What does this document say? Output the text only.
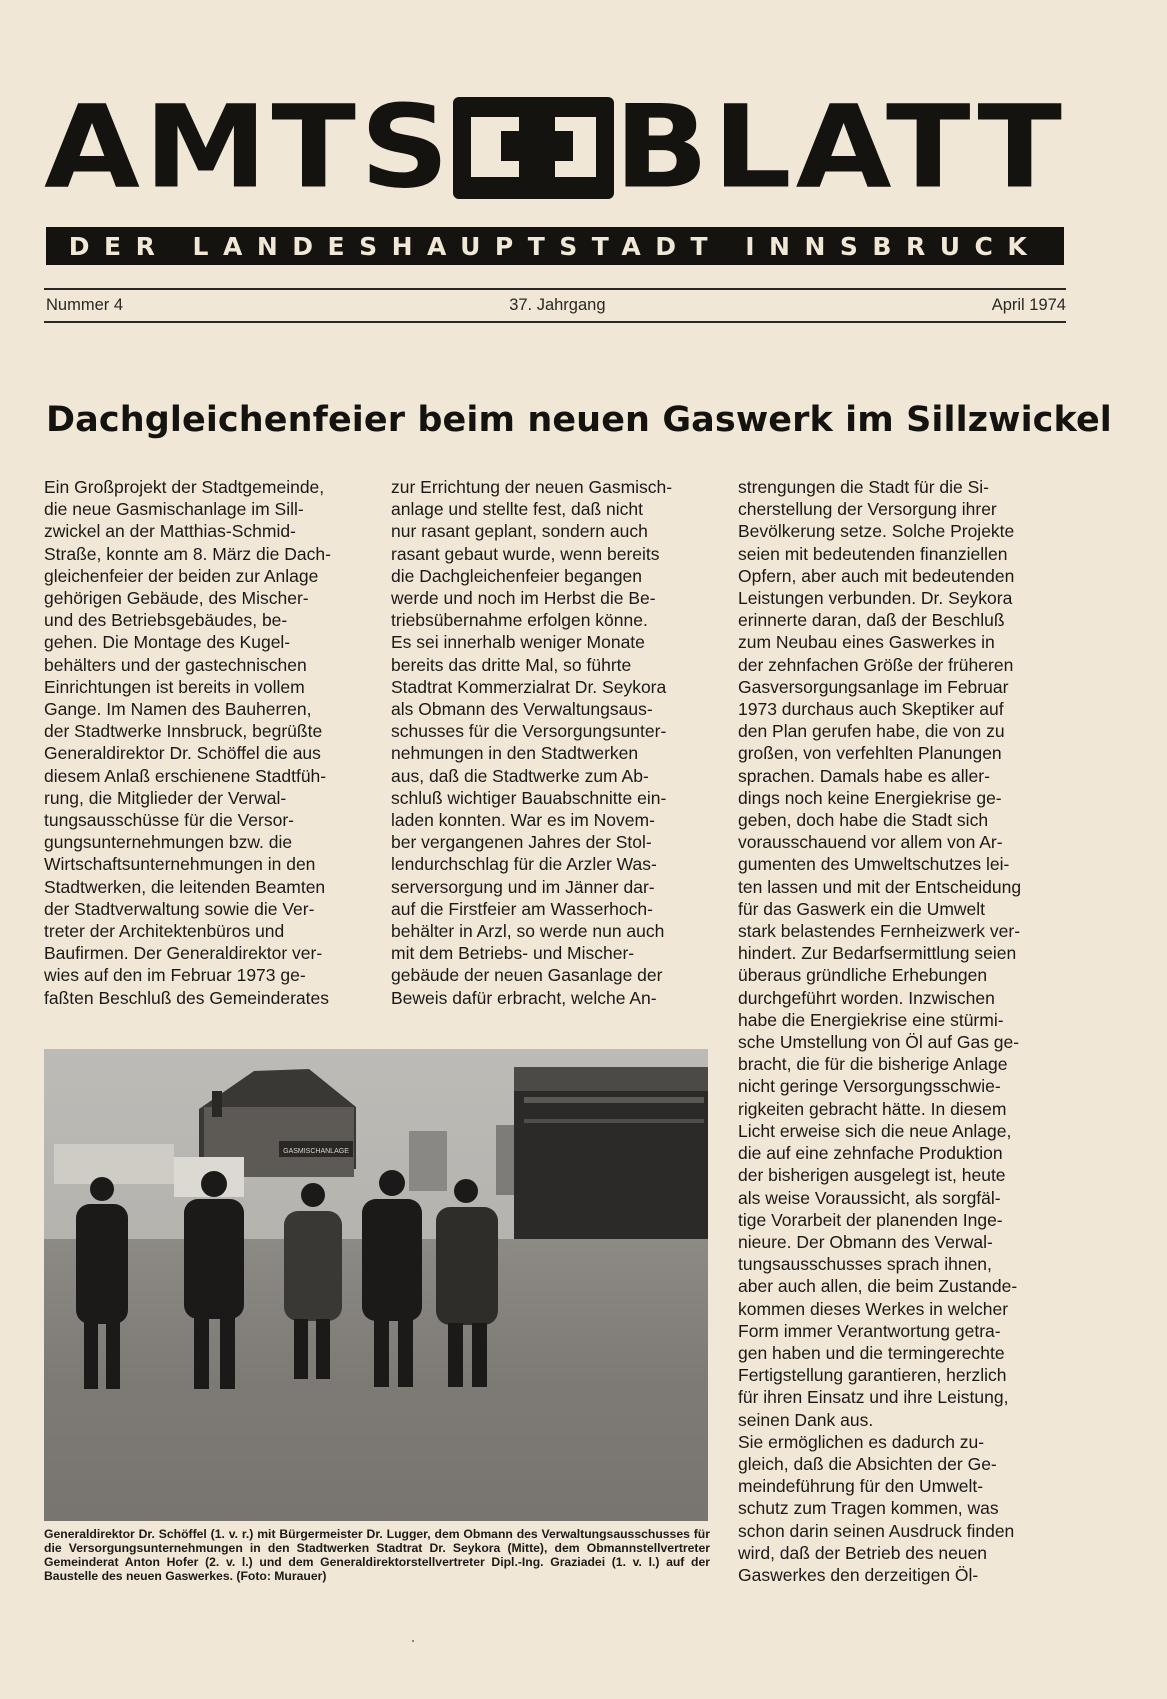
AMTS BLATT
DER LANDESHAUPTSTADT INNSBRUCK
Nummer 4	37. Jahrgang	April 1974
Dachgleichenfeier beim neuen Gaswerk im Sillzwickel
Ein Großprojekt der Stadtgemeinde,
die neue Gasmischanlage im Sill-
zwickel an der Matthias-Schmid-
Straße, konnte am 8. März die Dach-
gleichenfeier der beiden zur Anlage
gehörigen Gebäude, des Mischer-
und des Betriebsgebäudes, be-
gehen. Die Montage des Kugel-
behälters und der gastechnischen
Einrichtungen ist bereits in vollem
Gange. Im Namen des Bauherren,
der Stadtwerke Innsbruck, begrüßte
Generaldirektor Dr. Schöffel die aus
diesem Anlaß erschienene Stadtfüh-
rung, die Mitglieder der Verwal-
tungsausschüsse für die Versor-
gungsunternehmungen bzw. die
Wirtschaftsunternehmungen in den
Stadtwerken, die leitenden Beamten
der Stadtverwaltung sowie die Ver-
treter der Architektenbüros und
Baufirmen. Der Generaldirektor ver-
wies auf den im Februar 1973 ge-
faßten Beschluß des Gemeinderates
zur Errichtung der neuen Gasmisch-
anlage und stellte fest, daß nicht
nur rasant geplant, sondern auch
rasant gebaut wurde, wenn bereits
die Dachgleichenfeier begangen
werde und noch im Herbst die Be-
triebsübernahme erfolgen könne.
Es sei innerhalb weniger Monate
bereits das dritte Mal, so führte
Stadtrat Kommerzialrat Dr. Seykora
als Obmann des Verwaltungsaus-
schusses für die Versorgungsunter-
nehmungen in den Stadtwerken
aus, daß die Stadtwerke zum Ab-
schluß wichtiger Bauabschnitte ein-
laden konnten. War es im Novem-
ber vergangenen Jahres der Stol-
lendurchschlag für die Arzler Was-
serversorgung und im Jänner dar-
auf die Firstfeier am Wasserhoch-
behälter in Arzl, so werde nun auch
mit dem Betriebs- und Mischer-
gebäude der neuen Gasanlage der
Beweis dafür erbracht, welche An-
strengungen die Stadt für die Si-
cherstellung der Versorgung ihrer
Bevölkerung setze. Solche Projekte
seien mit bedeutenden finanziellen
Opfern, aber auch mit bedeutenden
Leistungen verbunden. Dr. Seykora
erinnerte daran, daß der Beschluß
zum Neubau eines Gaswerkes in
der zehnfachen Größe der früheren
Gasversorgungsanlage im Februar
1973 durchaus auch Skeptiker auf
den Plan gerufen habe, die von zu
großen, von verfehlten Planungen
sprachen. Damals habe es aller-
dings noch keine Energiekrise ge-
geben, doch habe die Stadt sich
vorausschauend vor allem von Ar-
gumenten des Umweltschutzes lei-
ten lassen und mit der Entscheidung
für das Gaswerk ein die Umwelt
stark belastendes Fernheizwerk ver-
hindert. Zur Bedarfsermittlung seien
überaus gründliche Erhebungen
durchgeführt worden. Inzwischen
habe die Energiekrise eine stürmi-
sche Umstellung von Öl auf Gas ge-
bracht, die für die bisherige Anlage
nicht geringe Versorgungsschwie-
rigkeiten gebracht hätte. In diesem
Licht erweise sich die neue Anlage,
die auf eine zehnfache Produktion
der bisherigen ausgelegt ist, heute
als weise Voraussicht, als sorgfäl-
tige Vorarbeit der planenden Inge-
nieure. Der Obmann des Verwal-
tungsausschusses sprach ihnen,
aber auch allen, die beim Zustande-
kommen dieses Werkes in welcher
Form immer Verantwortung getra-
gen haben und die termingerechte
Fertigstellung garantieren, herzlich
für ihren Einsatz und ihre Leistung,
seinen Dank aus.
Sie ermöglichen es dadurch zu-
gleich, daß die Absichten der Ge-
meindeführung für den Umwelt-
schutz zum Tragen kommen, was
schon darin seinen Ausdruck finden
wird, daß der Betrieb des neuen
Gaswerkes den derzeitigen Öl-
GASMISCHANLAGE
Generaldirektor Dr. Schöffel (1. v. r.) mit Bürgermeister Dr. Lugger, dem Obmann des Verwaltungsausschusses für die Versorgungsunternehmungen in den Stadtwerken Stadtrat Dr. Seykora (Mitte), dem Obmannstellvertreter Gemeinderat Anton Hofer (2. v. l.) und dem Generaldirektorstellvertreter Dipl.-Ing. Graziadei (1. v. l.) auf der Baustelle des neuen Gaswerkes. (Foto: Murauer)
